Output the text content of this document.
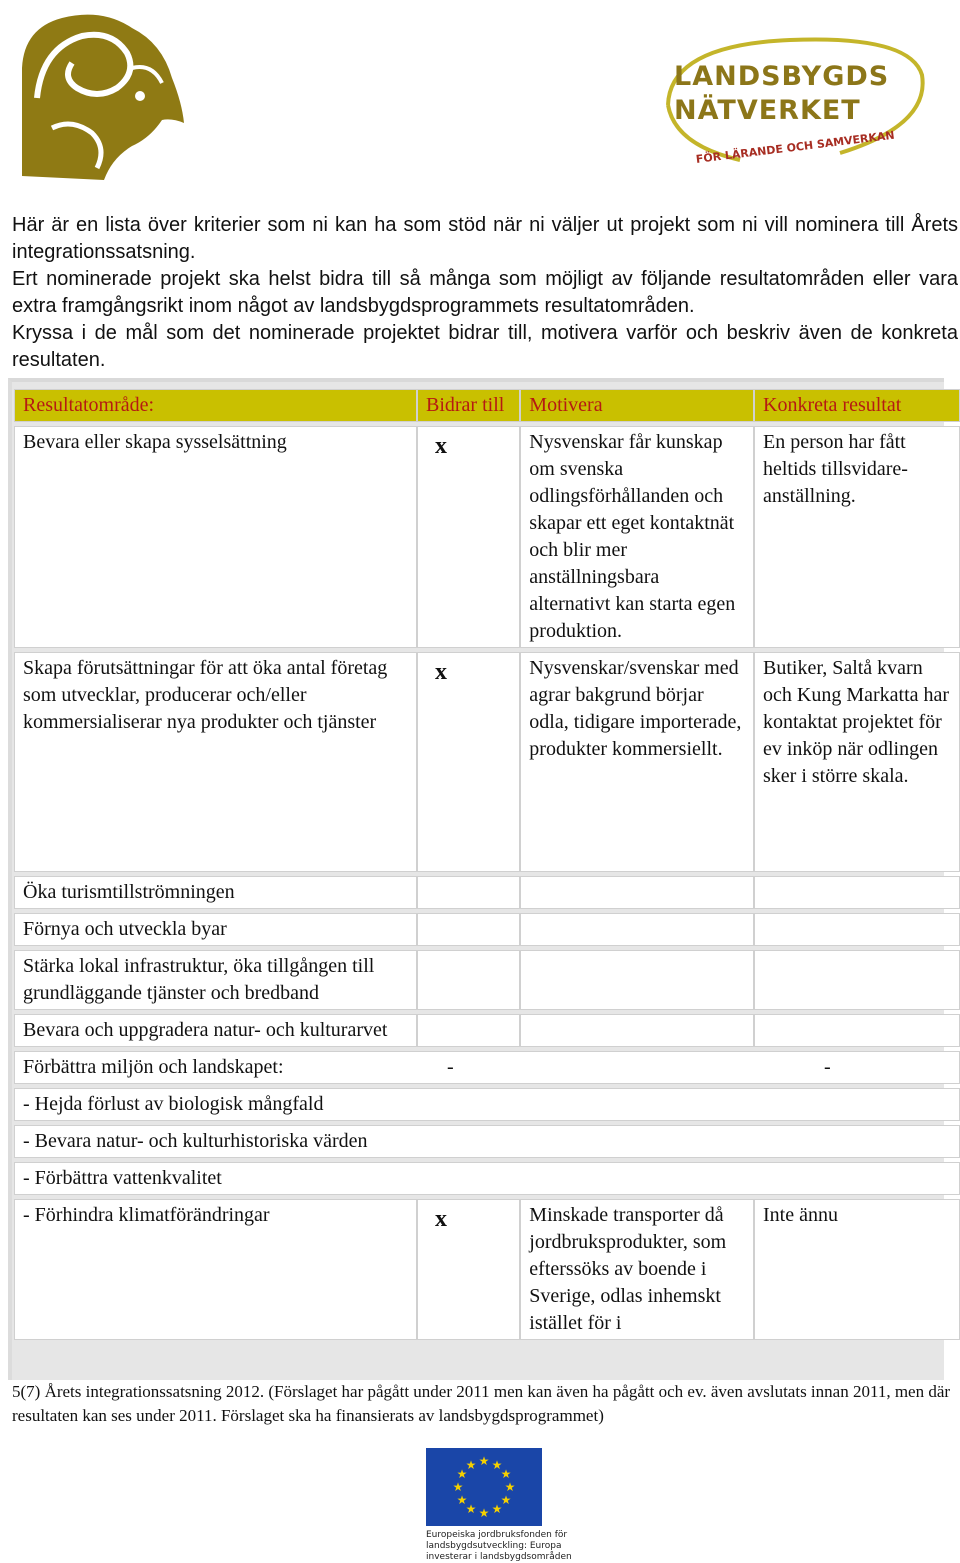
LANDSBYGDS
NÄTVERKET
FÖR LÄRANDE OCH SAMVERKAN

Här är en lista över kriterier som ni kan ha som stöd när ni väljer ut projekt som ni vill nominera till Årets integrationssatsning.

Ert nominerade projekt ska helst bidra till så många som möjligt av följande resultatområden eller vara extra framgångsrikt inom något av landsbygdsprogrammets resultatområden.

Kryssa i de mål som det nominerade projektet bidrar till, motivera varför och beskriv även de konkreta resultaten.

Resultatområde:	Bidrar till	Motivera	Konkreta resultat
Bevara eller skapa sysselsättning	x	Nysvenskar får kunskap om svenska odlingsförhållanden och skapar ett eget kontaktnät och blir mer anställningsbara alternativt kan starta egen produktion.	En person har fått heltids tillsvidare-anställning.
Skapa förutsättningar för att öka antal företag som utvecklar, producerar och/eller kommersialiserar nya produkter och tjänster	x	Nysvenskar/svenskar med agrar bakgrund börjar odla, tidigare importerade, produkter kommersiellt.	Butiker, Saltå kvarn och Kung Markatta har kontaktat projektet för ev inköp när odlingen sker i större skala.
Öka turismtillströmningen			
Förnya och utveckla byar			
Stärka lokal infrastruktur, öka tillgången till grundläggande tjänster och bredband			
Bevara och uppgradera natur- och kulturarvet			
Förbättra miljön och landskapet:	-		-
- Hejda förlust av biologisk mångfald			
- Bevara natur- och kulturhistoriska värden			
- Förbättra vattenkvalitet			
- Förhindra klimatförändringar	x	Minskade transporter då jordbruksprodukter, som efterssöks av boende i Sverige, odlas inhemskt istället för i	Inte ännu
5(7) Årets integrationssatsning 2012. (Förslaget har pågått under 2011 men kan även ha pågått och ev. även avslutats innan 2011, men där resultaten kan ses under 2011. Förslaget ska ha finansierats av landsbygdsprogrammet)
★ ★
★
★
★
★
★
★
★
★
★
★
Europeiska jordbruksfonden för
landsbygdsutveckling: Europa
investerar i landsbygdsområden
